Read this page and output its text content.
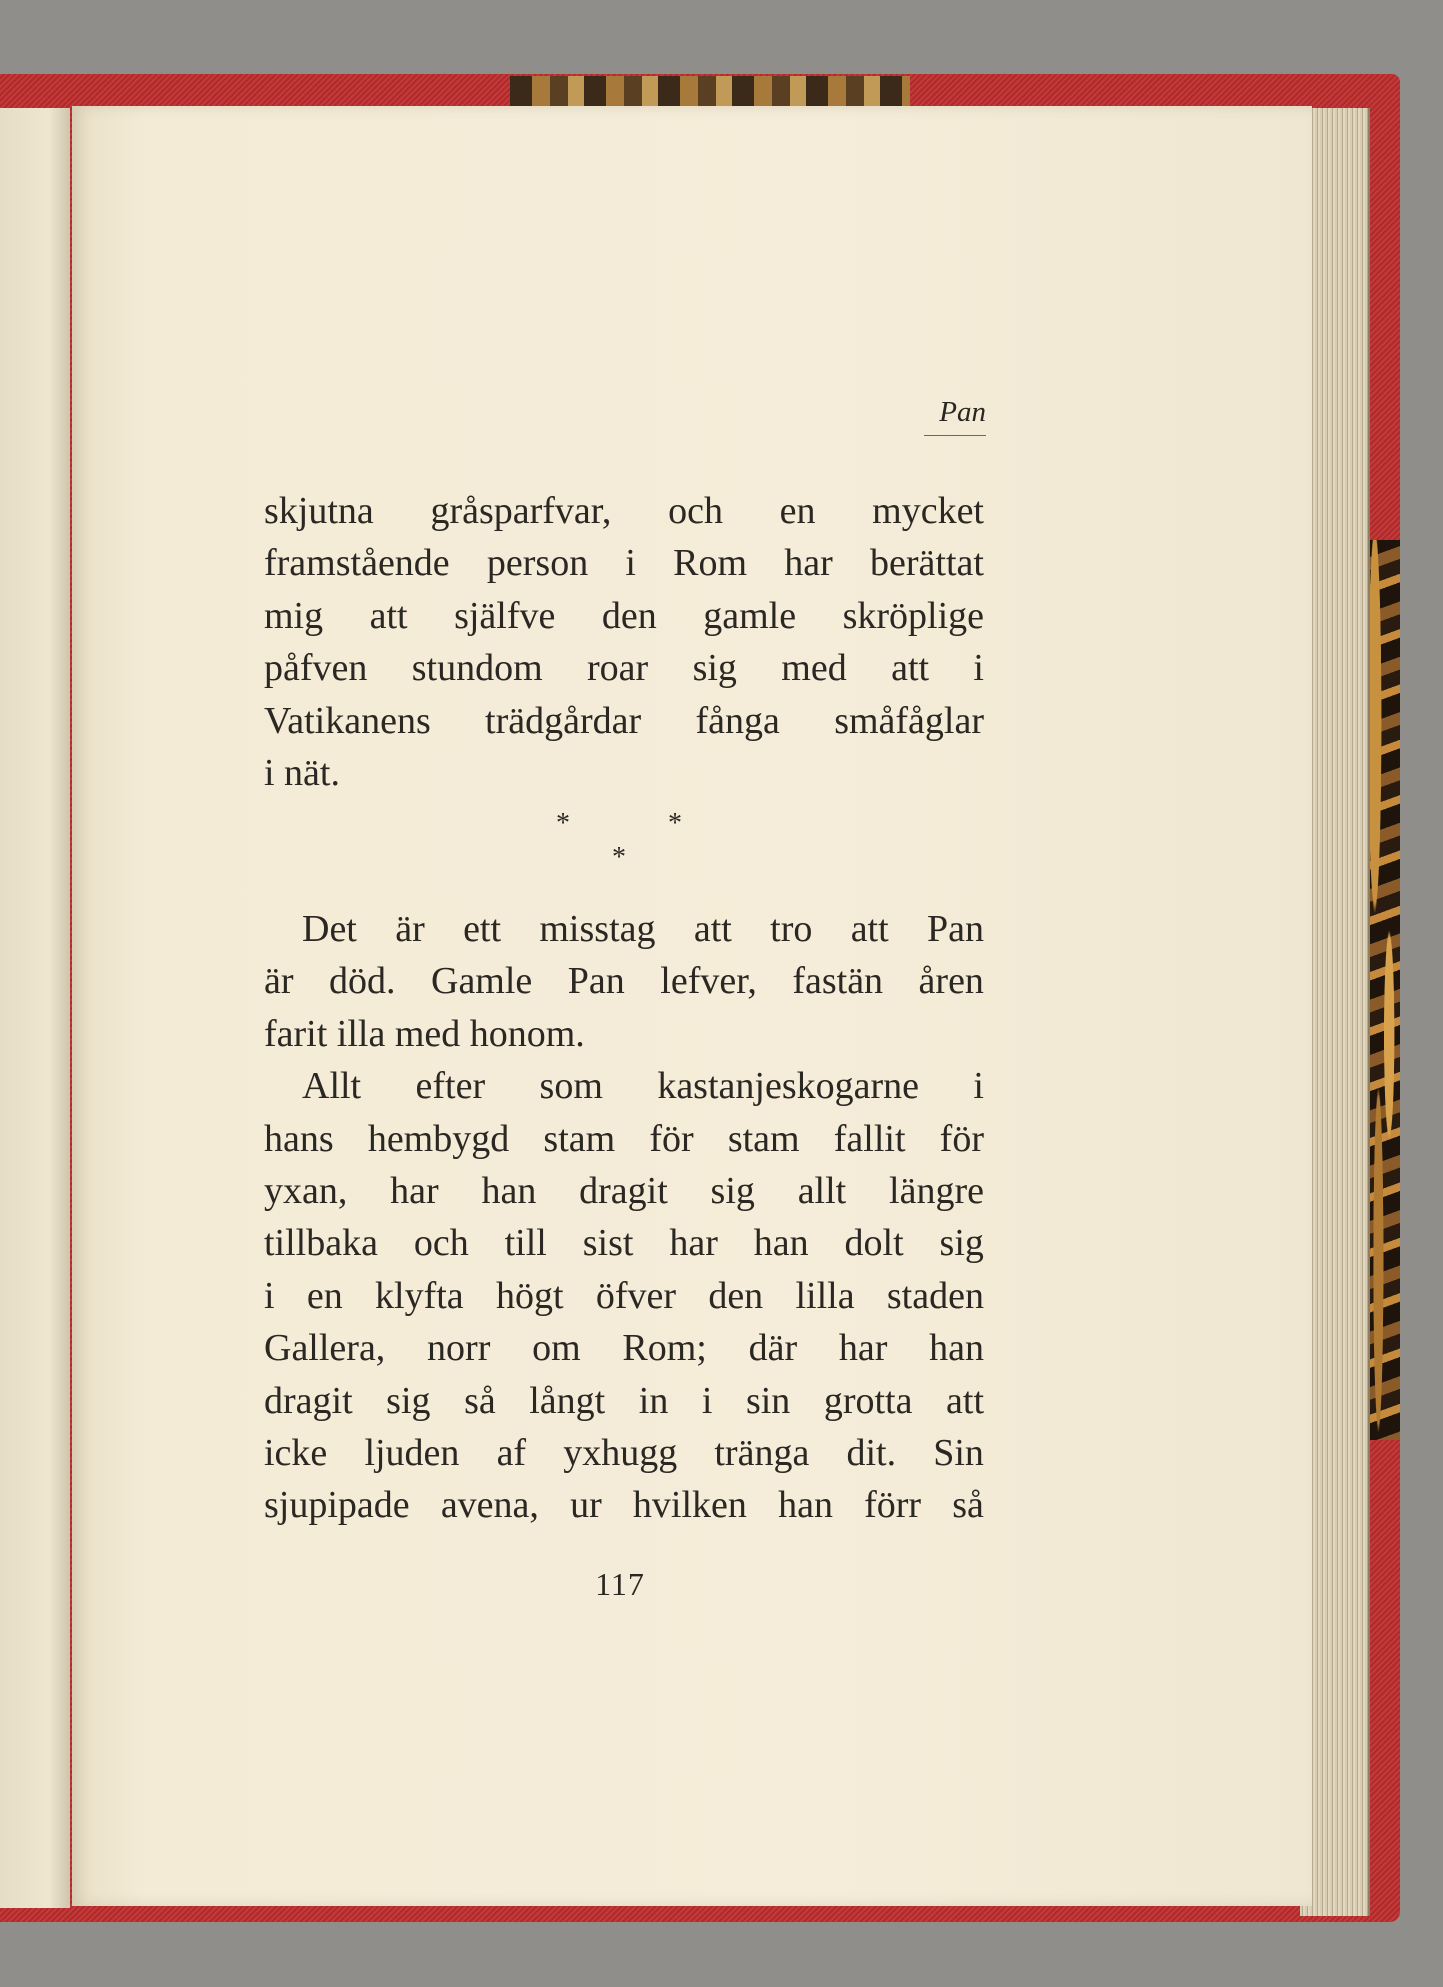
Pan
skjutna gråsparfvar, och en mycket
framstående person i Rom har berättat
mig att själfve den gamle skröplige
påfven stundom roar sig med att i
Vatikanens trädgårdar fånga småfåglar
i nät.
*	*
*
Det är ett misstag att tro att Pan
är död. Gamle Pan lefver, fastän åren
farit illa med honom.
Allt efter som kastanjeskogarne i
hans hembygd stam för stam fallit för
yxan, har han dragit sig allt längre
tillbaka och till sist har han dolt sig
i en klyfta högt öfver den lilla staden
Gallera, norr om Rom; där har han
dragit sig så långt in i sin grotta att
icke ljuden af yxhugg tränga dit. Sin
sjupipade avena, ur hvilken han förr så
117
